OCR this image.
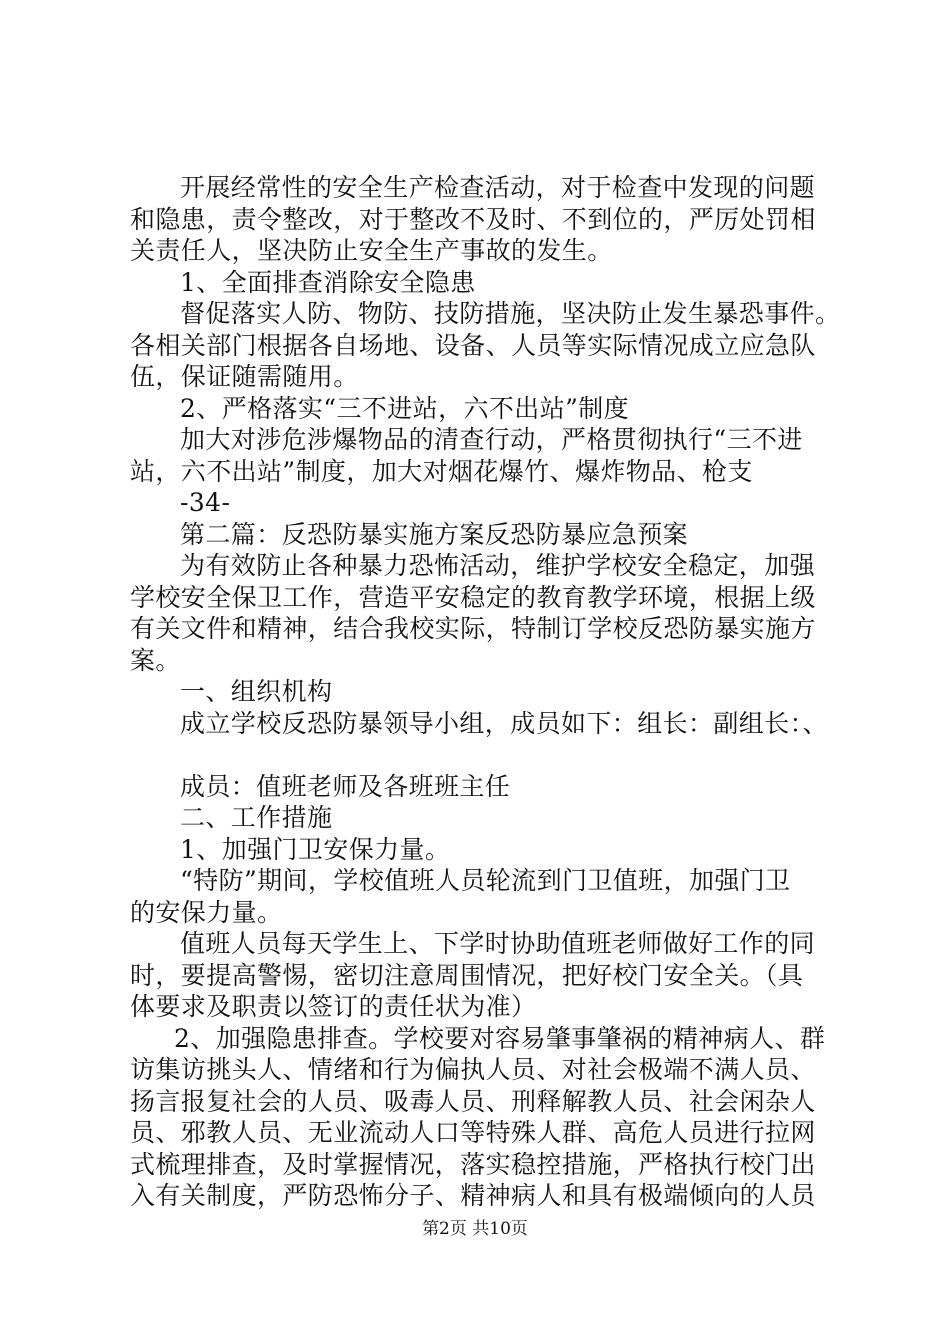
开展经常性的安全生产检查活动，对于检查中发现的问题
和隐患，责令整改，对于整改不及时、不到位的，严厉处罚相
关责任人，坚决防止安全生产事故的发生。
1、全面排查消除安全隐患
督促落实人防、物防、技防措施，坚决防止发生暴恐事件。
各相关部门根据各自场地、设备、人员等实际情况成立应急队
伍，保证随需随用。
2、严格落实“三不进站，六不出站”制度
加大对涉危涉爆物品的清查行动，严格贯彻执行“三不进
站，六不出站”制度，加大对烟花爆竹、爆炸物品、枪支
-34-
第二篇：反恐防暴实施方案反恐防暴应急预案
为有效防止各种暴力恐怖活动，维护学校安全稳定，加强
学校安全保卫工作，营造平安稳定的教育教学环境，根据上级
有关文件和精神，结合我校实际，特制订学校反恐防暴实施方
案。
一、组织机构
成立学校反恐防暴领导小组，成员如下：组长：副组长：、
成员：值班老师及各班班主任
二、工作措施
1、加强门卫安保力量。
“特防”期间，学校值班人员轮流到门卫值班，加强门卫
的安保力量。
值班人员每天学生上、下学时协助值班老师做好工作的同
时，要提高警惕，密切注意周围情况，把好校门安全关。（具
体要求及职责以签订的责任状为准）
2、加强隐患排查。学校要对容易肇事肇祸的精神病人、群
访集访挑头人、情绪和行为偏执人员、对社会极端不满人员、
扬言报复社会的人员、吸毒人员、刑释解教人员、社会闲杂人
员、邪教人员、无业流动人口等特殊人群、高危人员进行拉网
式梳理排查，及时掌握情况，落实稳控措施，严格执行校门出
入有关制度，严防恐怖分子、精神病人和具有极端倾向的人员
第2页 共10页
